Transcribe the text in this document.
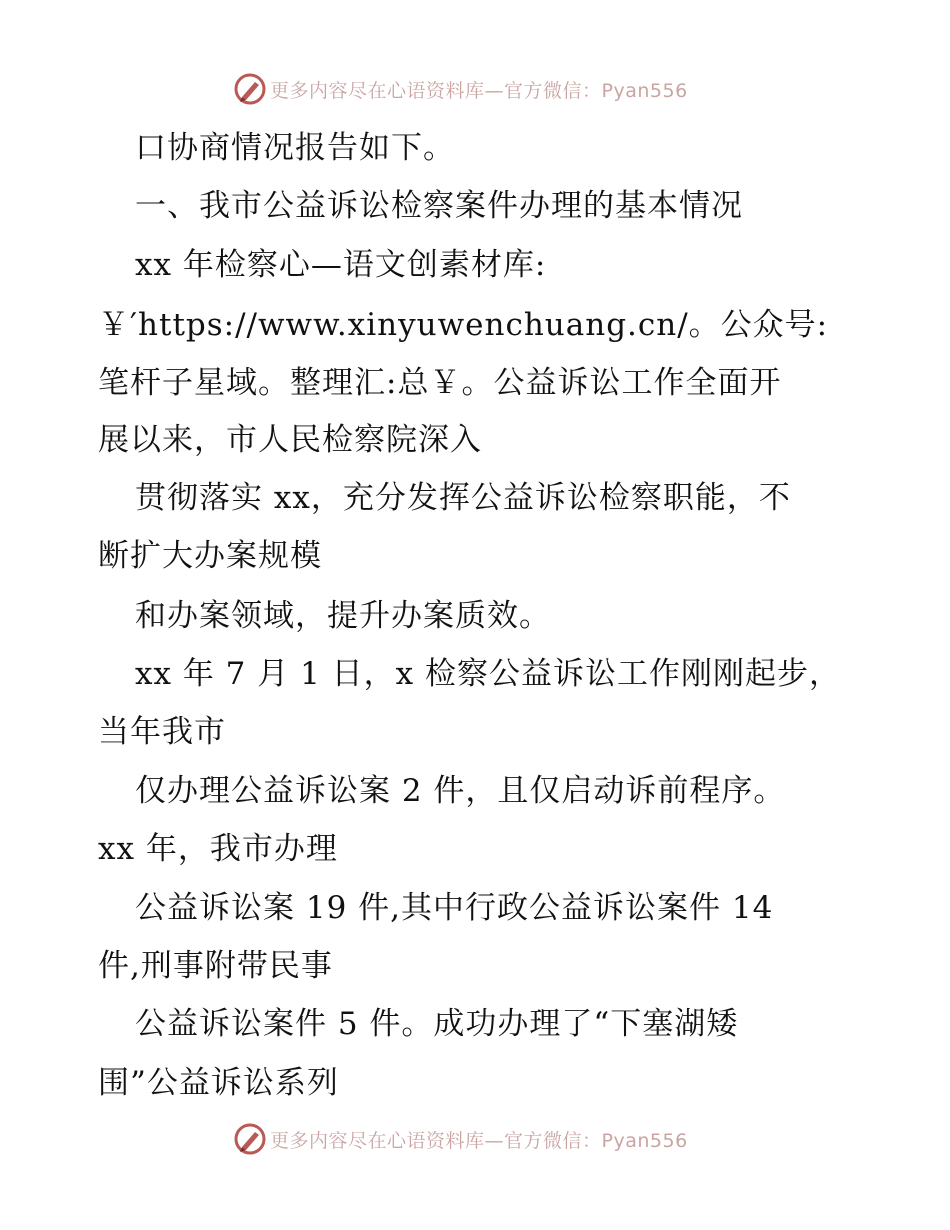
更多内容尽在心语资料库—官方微信：Pyan556
口协商情况报告如下。
一、我市公益诉讼检察案件办理的基本情况
xx 年检察心—语文创素材库:
￥′https://www.xinyuwenchuang.cn/。公众号:
笔杆子星域。整理汇:总￥。公益诉讼工作全面开
展以来，市人民检察院深入
贯彻落实 xx，充分发挥公益诉讼检察职能，不
断扩大办案规模
和办案领域，提升办案质效。
xx 年 7 月 1 日，x 检察公益诉讼工作刚刚起步，
当年我市
仅办理公益诉讼案 2 件，且仅启动诉前程序。
xx 年，我市办理
公益诉讼案 19 件,其中行政公益诉讼案件 14
件,刑事附带民事
公益诉讼案件 5 件。成功办理了“下塞湖矮
围”公益诉讼系列
更多内容尽在心语资料库—官方微信：Pyan556
